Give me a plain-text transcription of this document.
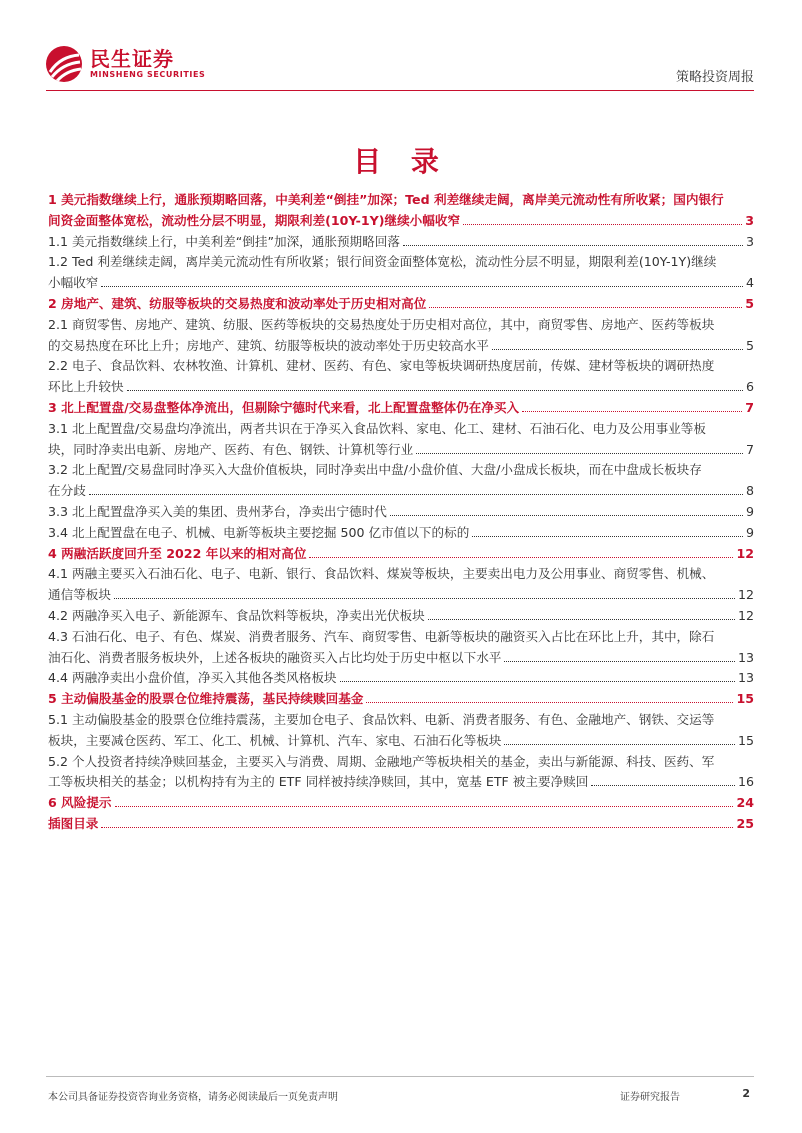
民生证券
MINSHENG SECURITIES	策略投资周报
目 录
1 美元指数继续上行，通胀预期略回落，中美利差“倒挂”加深；Ted 利差继续走阔，离岸美元流动性有所收紧；国内银行
间资金面整体宽松，流动性分层不明显，期限利差(10Y-1Y)继续小幅收窄	3
1.1 美元指数继续上行，中美利差“倒挂”加深，通胀预期略回落	3
1.2 Ted 利差继续走阔，离岸美元流动性有所收紧；银行间资金面整体宽松，流动性分层不明显，期限利差(10Y-1Y)继续
小幅收窄	4
2 房地产、建筑、纺服等板块的交易热度和波动率处于历史相对高位	5
2.1 商贸零售、房地产、建筑、纺服、医药等板块的交易热度处于历史相对高位，其中，商贸零售、房地产、医药等板块
的交易热度在环比上升；房地产、建筑、纺服等板块的波动率处于历史较高水平	5
2.2 电子、食品饮料、农林牧渔、计算机、建材、医药、有色、家电等板块调研热度居前，传媒、建材等板块的调研热度
环比上升较快	6
3 北上配置盘/交易盘整体净流出，但剔除宁德时代来看，北上配置盘整体仍在净买入	7
3.1 北上配置盘/交易盘均净流出，两者共识在于净买入食品饮料、家电、化工、建材、石油石化、电力及公用事业等板
块，同时净卖出电新、房地产、医药、有色、钢铁、计算机等行业	7
3.2 北上配置/交易盘同时净买入大盘价值板块，同时净卖出中盘/小盘价值、大盘/小盘成长板块，而在中盘成长板块存
在分歧	8
3.3 北上配置盘净买入美的集团、贵州茅台，净卖出宁德时代	9
3.4 北上配置盘在电子、机械、电新等板块主要挖掘 500 亿市值以下的标的	9
4 两融活跃度回升至 2022 年以来的相对高位	12
4.1 两融主要买入石油石化、电子、电新、银行、食品饮料、煤炭等板块，主要卖出电力及公用事业、商贸零售、机械、
通信等板块	12
4.2 两融净买入电子、新能源车、食品饮料等板块，净卖出光伏板块	12
4.3 石油石化、电子、有色、煤炭、消费者服务、汽车、商贸零售、电新等板块的融资买入占比在环比上升，其中，除石
油石化、消费者服务板块外，上述各板块的融资买入占比均处于历史中枢以下水平	13
4.4 两融净卖出小盘价值，净买入其他各类风格板块	13
5 主动偏股基金的股票仓位维持震荡，基民持续赎回基金	15
5.1 主动偏股基金的股票仓位维持震荡，主要加仓电子、食品饮料、电新、消费者服务、有色、金融地产、钢铁、交运等
板块，主要减仓医药、军工、化工、机械、计算机、汽车、家电、石油石化等板块	15
5.2 个人投资者持续净赎回基金，主要买入与消费、周期、金融地产等板块相关的基金，卖出与新能源、科技、医药、军
工等板块相关的基金；以机构持有为主的 ETF 同样被持续净赎回，其中，宽基 ETF 被主要净赎回	16
6 风险提示	24
插图目录	25
本公司具备证券投资咨询业务资格，请务必阅读最后一页免责声明	证券研究报告	2
